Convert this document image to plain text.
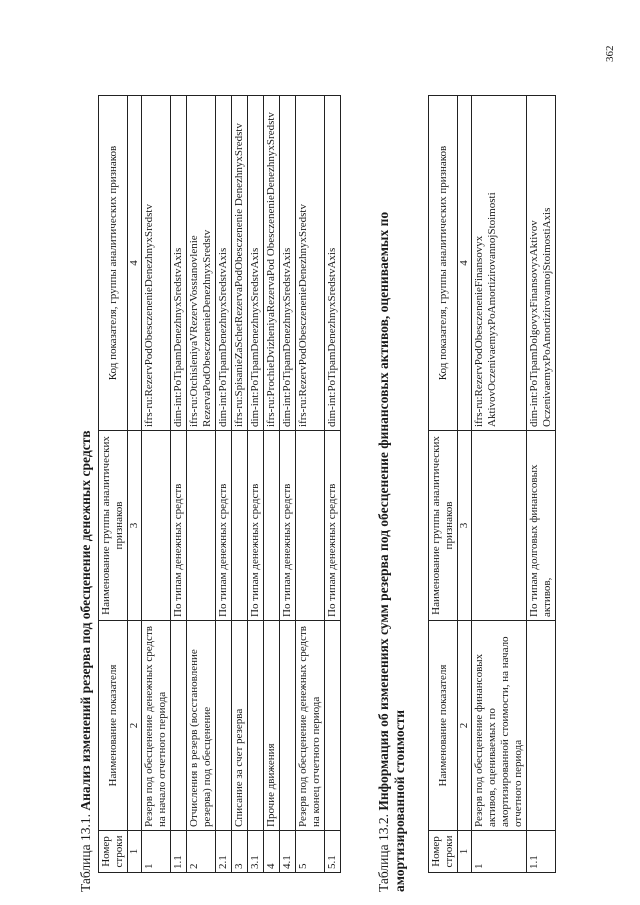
362

Таблица 13.1. Анализ изменений резерва под обесценение денежных средств

Номер строки	Наименование показателя	Наименование группы аналитических признаков	Код показателя, группы аналитических признаков
1	2	3	4
1	Резерв под обесценение денежных средств на начало отчетного периода		ifrs-ru:RezervPodObesczenenieDenezhnyxSredstv
1.1		По типам денежных средств	dim-int:PoTipamDenezhnyxSredstvAxis
2	Отчисления в резерв (восстановление резерва) под обесценение		ifrs-ru:OtchisleniyaVRezervVosstanovlenie RezervaPodObesczenenieDenezhnyxSredstv
2.1		По типам денежных средств	dim-int:PoTipamDenezhnyxSredstvAxis
3	Списание за счет резерва		ifrs-ru:SpisanieZaSchetRezervaPodObesczenenie DenezhnyxSredstv
3.1		По типам денежных средств	dim-int:PoTipamDenezhnyxSredstvAxis
4	Прочие движения		ifrs-ru:ProchieDvizheniyaRezervaPod ObesczenenieDenezhnyxSredstv
4.1		По типам денежных средств	dim-int:PoTipamDenezhnyxSredstvAxis
5	Резерв под обесценение денежных средств на конец отчетного периода		ifrs-ru:RezervPodObesczenenieDenezhnyxSredstv
5.1		По типам денежных средств	dim-int:PoTipamDenezhnyxSredstvAxis

Таблица 13.2. Информация об изменениях сумм резерва под обесценение финансовых активов, оцениваемых по амортизированной стоимости Номер строки	Наименование показателя	Наименование группы аналитических признаков	Код показателя, группы аналитических признаков
1	2	3	4
1	Резерв под обесценение финансовых активов, оцениваемых по амортизированной стоимости, на начало отчетного периода		ifrs-ru:RezervPodObesczenenieFinansovyx AktivovOczenivaemyxPoAmortizirovannojStoimosti
1.1		По типам долговых финансовых активов,	dim-int:PoTipamDolgovyxFinansovyxAktivov OczenivaemyxPoAmortizirovannojStoimostiAxis
